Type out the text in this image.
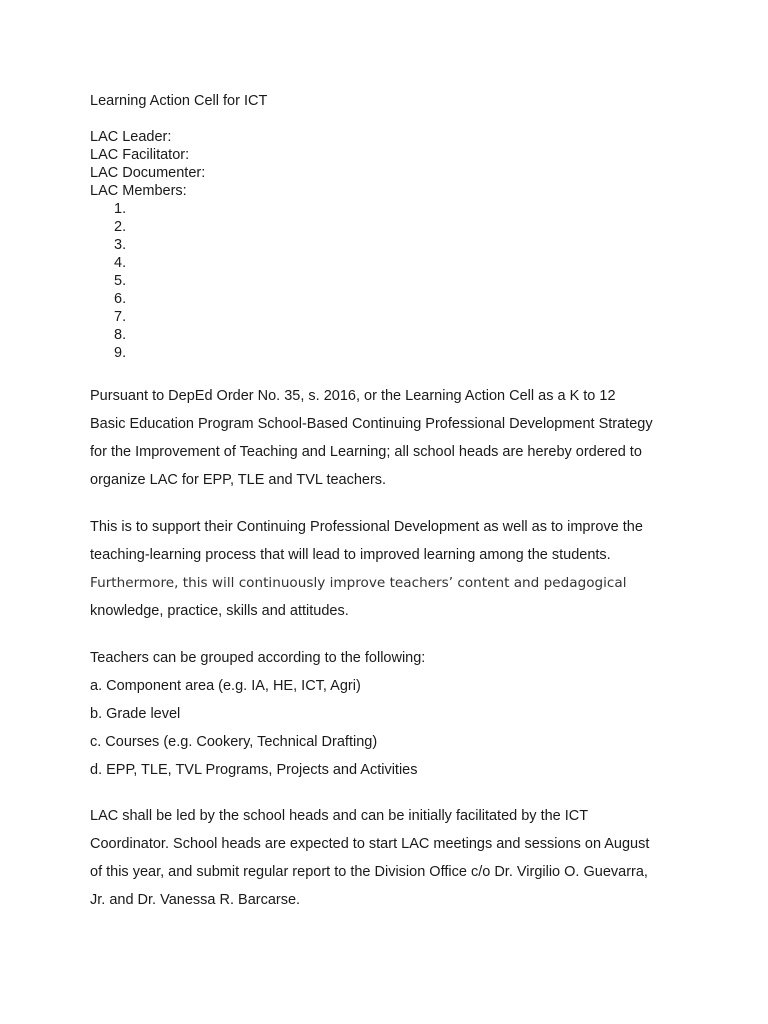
Learning Action Cell for ICT
LAC Leader:
LAC Facilitator:
LAC Documenter:
LAC Members:
1.
2.
3.
4.
5.
6.
7.
8.
9.

Pursuant to DepEd Order No. 35, s. 2016, or the Learning Action Cell as a K to 12
Basic Education Program School-Based Continuing Professional Development Strategy
for the Improvement of Teaching and Learning; all school heads are hereby ordered to
organize LAC for EPP, TLE and TVL teachers.

This is to support their Continuing Professional Development as well as to improve the
teaching-learning process that will lead to improved learning among the students.
Furthermore, this will continuously improve teachers’ content and pedagogical
knowledge, practice, skills and attitudes.

Teachers can be grouped according to the following:
a. Component area (e.g. IA, HE, ICT, Agri)
b. Grade level
c. Courses (e.g. Cookery, Technical Drafting)
d. EPP, TLE, TVL Programs, Projects and Activities

LAC shall be led by the school heads and can be initially facilitated by the ICT
Coordinator. School heads are expected to start LAC meetings and sessions on August
of this year, and submit regular report to the Division Office c/o Dr. Virgilio O. Guevarra,
Jr. and Dr. Vanessa R. Barcarse.
